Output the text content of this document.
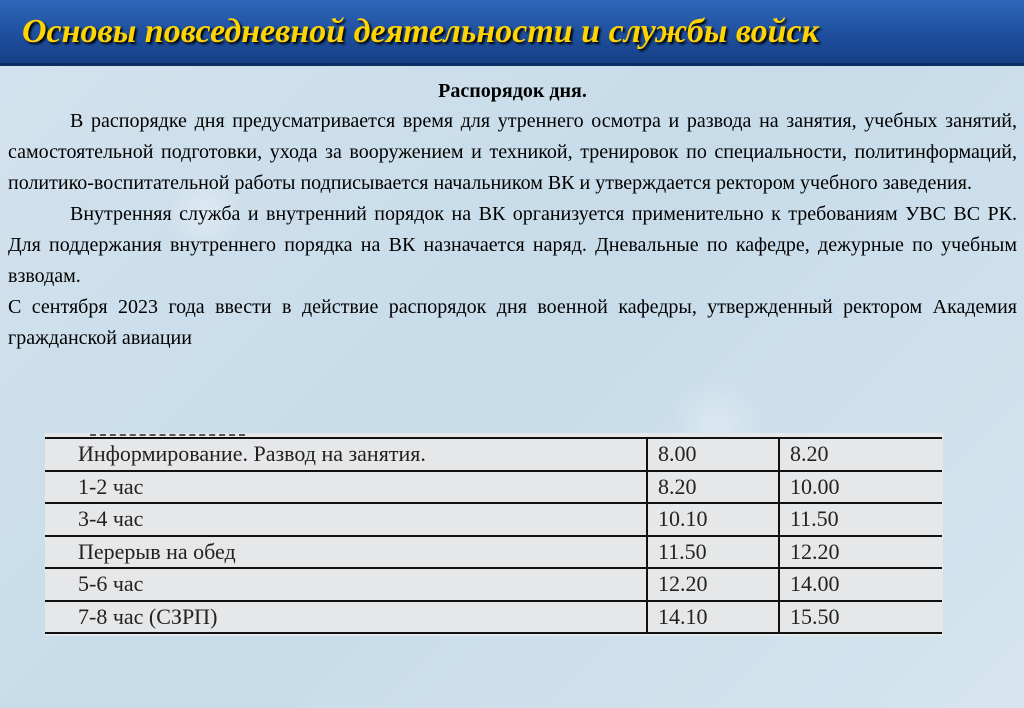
Основы повседневной деятельности и службы войск
Распорядок дня.

В распорядке дня предусматривается время для утреннего осмотра и развода на занятия, учебных занятий, самостоятельной подготовки, ухода за вооружением и техникой, тренировок по специальности, политинформаций, политико-воспитательной работы подписывается начальником ВК и утверждается ректором учебного заведения.

Внутренняя служба и внутренний порядок на ВК организуется применительно к требованиям УВС ВС РК. Для поддержания внутреннего порядка на ВК назначается наряд. Дневальные по кафедре, дежурные по учебным взводам.

С сентября 2023 года ввести в действие распорядок дня военной кафедры, утвержденный ректором Академия гражданской авиации

Информирование. Развод на занятия.	8.00	8.20
1-2 час	8.20	10.00
3-4 час	10.10	11.50
Перерыв на обед	11.50	12.20
5-6 час	12.20	14.00
7-8 час (СЗРП)	14.10	15.50
